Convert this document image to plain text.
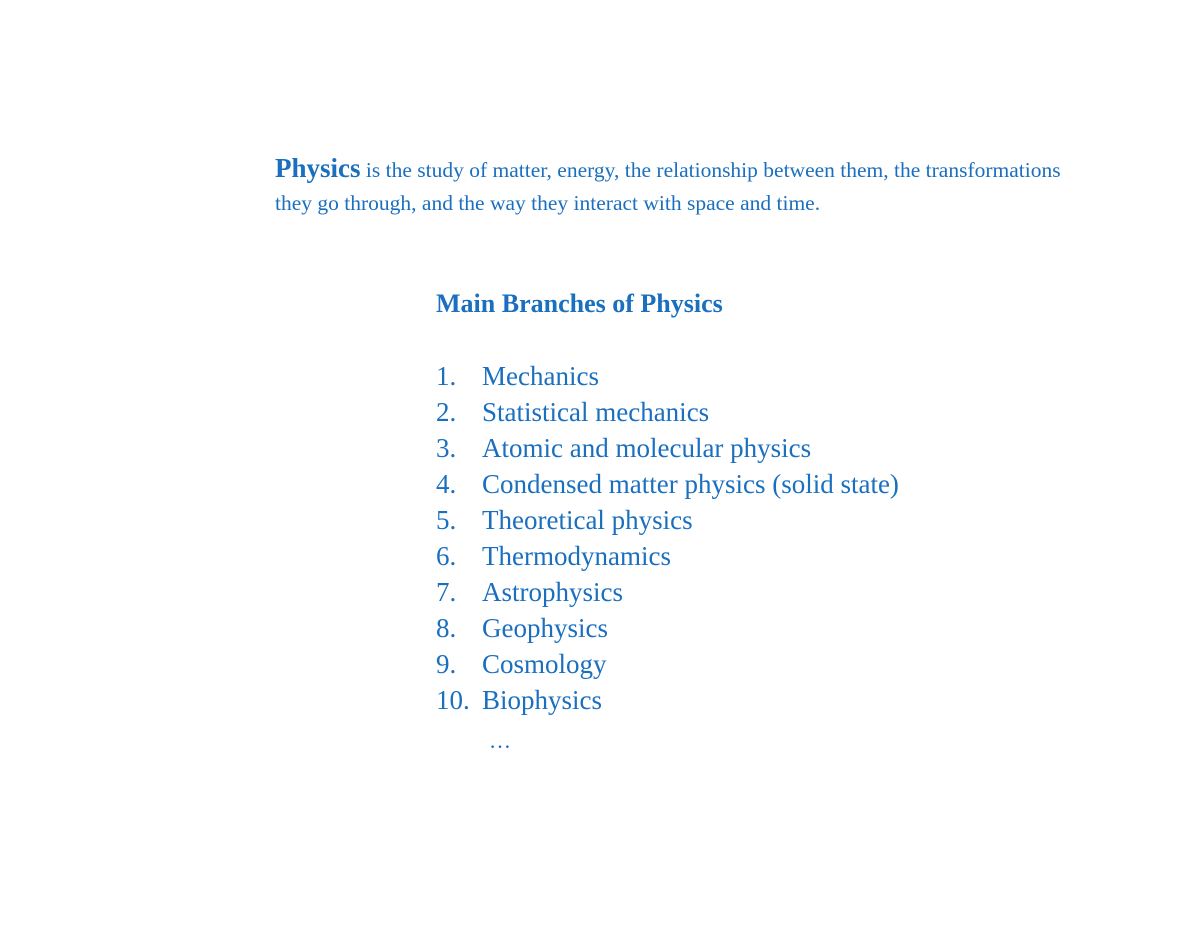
Physics is the study of matter, energy, the relationship between them, the transformations
they go through, and the way they interact with space and time.
Main Branches of Physics
1. Mechanics
2. Statistical mechanics
3. Atomic and molecular physics
4. Condensed matter physics (solid state)
5. Theoretical physics
6. Thermodynamics
7. Astrophysics
8. Geophysics
9. Cosmology
10. Biophysics
…
